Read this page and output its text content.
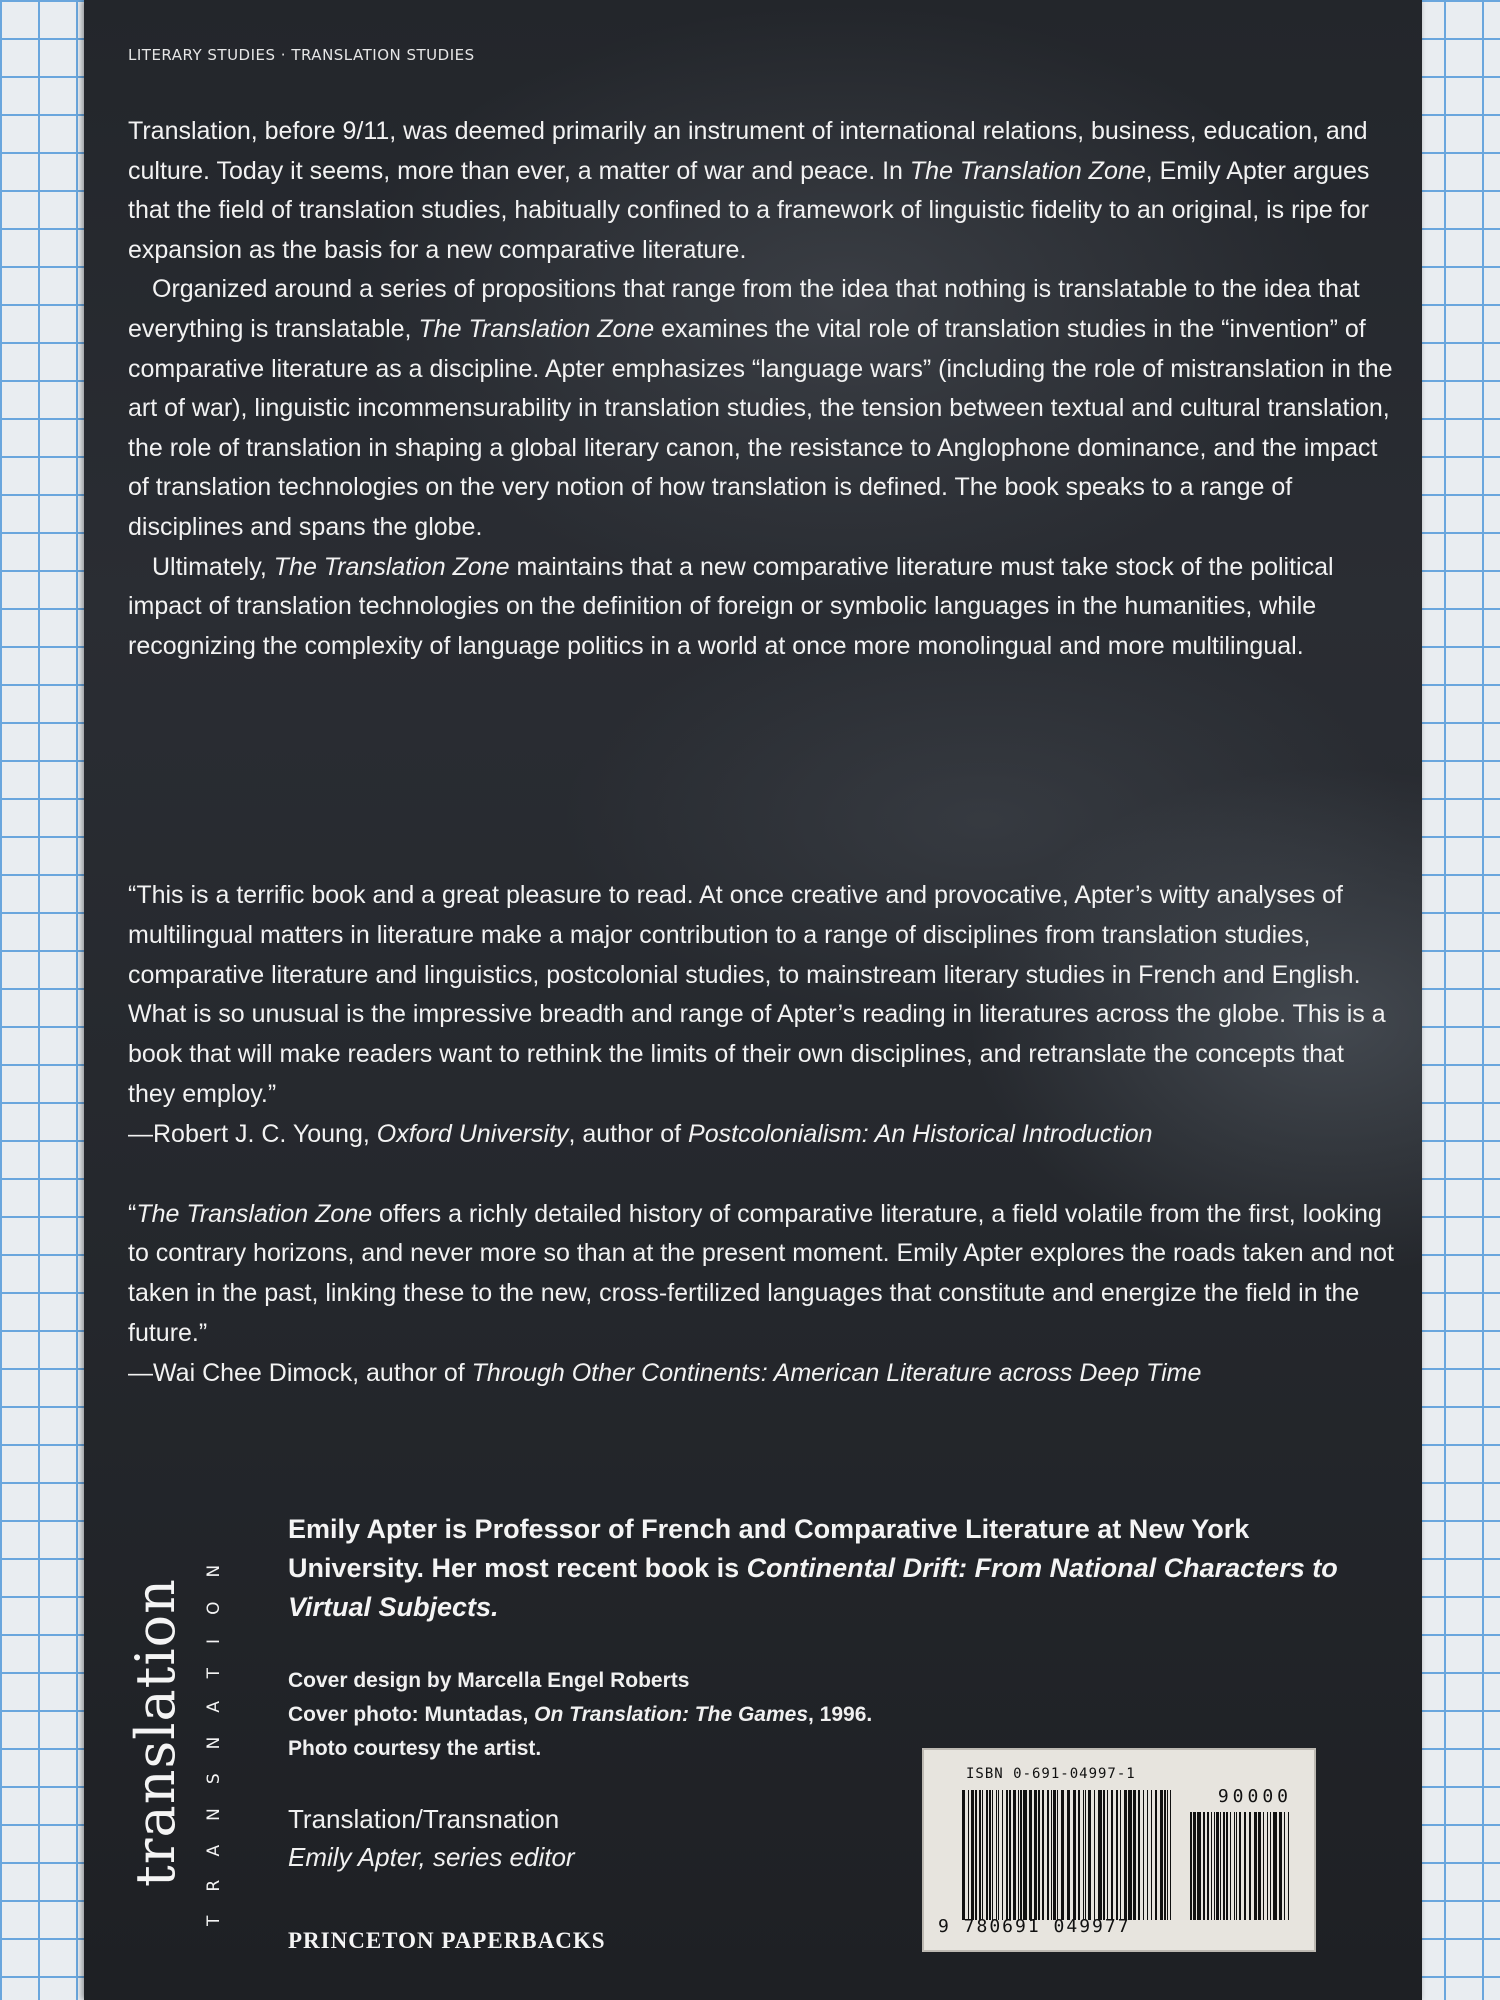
LITERARY STUDIES · TRANSLATION STUDIES

Translation, before 9/11, was deemed primarily an instrument of international relations, business, education, and culture. Today it seems, more than ever, a matter of war and peace. In The Translation Zone, Emily Apter argues that the field of translation studies, habitually confined to a framework of linguistic fidelity to an original, is ripe for expansion as the basis for a new comparative literature.

Organized around a series of propositions that range from the idea that nothing is translatable to the idea that everything is translatable, The Translation Zone examines the vital role of translation studies in the “invention” of comparative literature as a discipline. Apter emphasizes “language wars” (including the role of mistranslation in the art of war), linguistic incommensurability in translation studies, the tension between textual and cultural translation, the role of translation in shaping a global literary canon, the resistance to Anglophone dominance, and the impact of translation technologies on the very notion of how translation is defined. The book speaks to a range of disciplines and spans the globe.

Ultimately, The Translation Zone maintains that a new comparative literature must take stock of the political impact of translation technologies on the definition of foreign or symbolic languages in the humanities, while recognizing the complexity of language politics in a world at once more monolingual and more multilingual.

“This is a terrific book and a great pleasure to read. At once creative and provocative, Apter’s witty analyses of multilingual matters in literature make a major contribution to a range of disciplines from translation studies, comparative literature and linguistics, postcolonial studies, to mainstream literary studies in French and English. What is so unusual is the impressive breadth and range of Apter’s reading in literatures across the globe. This is a book that will make readers want to rethink the limits of their own disciplines, and retranslate the concepts that they employ.”

—Robert J. C. Young, Oxford University, author of Postcolonialism: An Historical Introduction

“The Translation Zone offers a richly detailed history of comparative literature, a field volatile from the first, looking to contrary horizons, and never more so than at the present moment. Emily Apter explores the roads taken and not taken in the past, linking these to the new, cross-fertilized languages that constitute and energize the field in the future.”

—Wai Chee Dimock, author of Through Other Continents: American Literature across Deep Time

translation TRANSNATION
Emily Apter is Professor of French and Comparative Literature at New York University. Her most recent book is Continental Drift: From National Characters to Virtual Subjects.

Cover design by Marcella Engel Roberts

Cover photo: Muntadas, On Translation: The Games, 1996.

Photo courtesy the artist.

Translation/Transnation

Emily Apter, series editor

PRINCETON PAPERBACKS
ISBN 0-691-04997-1
90000
9 780691 049977
